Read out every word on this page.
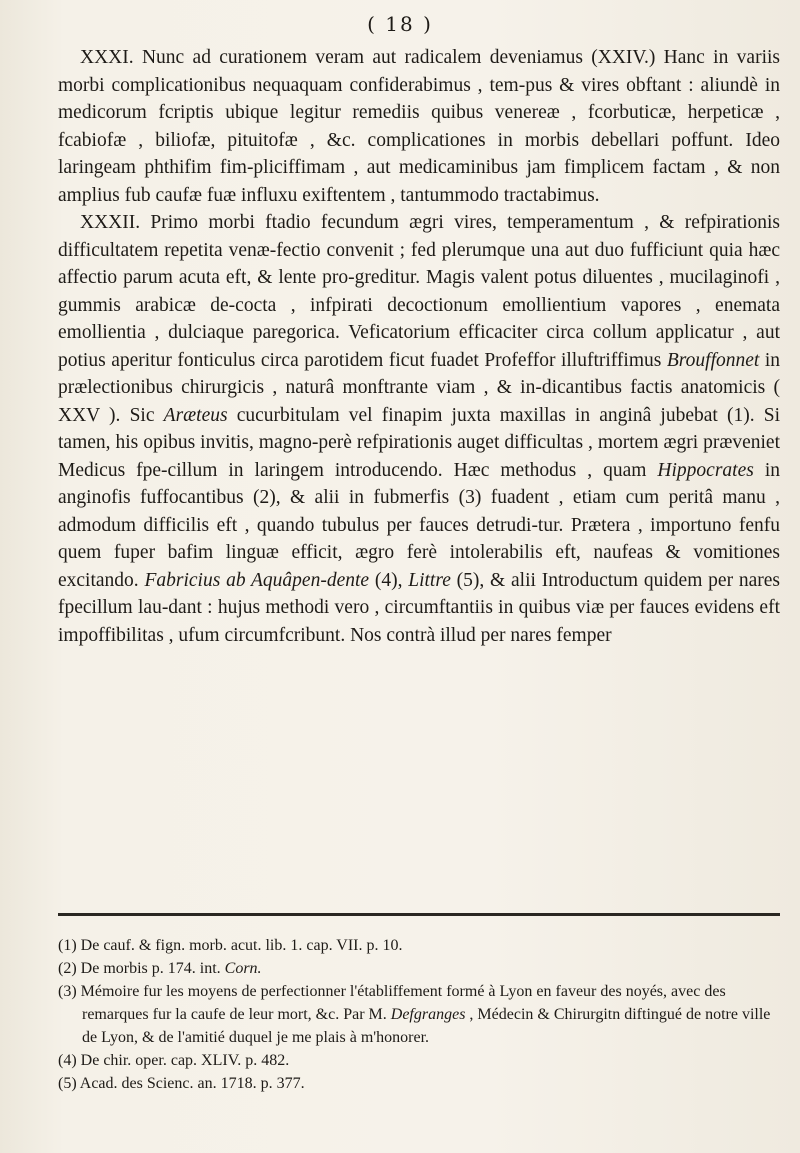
( 18 )

XXXI. Nunc ad curationem veram aut radicalem deveniamus (XXIV.) Hanc in variis morbi complicationibus nequaquam confiderabimus , tem-pus & vires obftant : aliundè in medicorum fcriptis ubique legitur remediis quibus venereæ , fcorbuticæ, herpeticæ , fcabiofæ , biliofæ, pituitofæ , &c. complicationes in morbis debellari poffunt. Ideo laringeam phthifim fim-pliciffimam , aut medicaminibus jam fimplicem factam , & non amplius fub caufæ fuæ influxu exiftentem , tantummodo tractabimus.

XXXII. Primo morbi ftadio fecundum ægri vires, temperamentum , & refpirationis difficultatem repetita venæ-fectio convenit ; fed plerumque una aut duo fufficiunt quia hæc affectio parum acuta eft, & lente pro-greditur. Magis valent potus diluentes , mucilaginofi , gummis arabicæ de-cocta , infpirati decoctionum emollientium vapores , enemata emollientia , dulciaque paregorica. Veficatorium efficaciter circa collum applicatur , aut potius aperitur fonticulus circa parotidem ficut fuadet Profeffor illuftriffimus Brouffonnet in prælectionibus chirurgicis , naturâ monftrante viam , & in-dicantibus factis anatomicis ( XXV ). Sic Aræteus cucurbitulam vel finapim juxta maxillas in anginâ jubebat (1). Si tamen, his opibus invitis, magno-perè refpirationis auget difficultas , mortem ægri præveniet Medicus fpe-cillum in laringem introducendo. Hæc methodus , quam Hippocrates in anginofis fuffocantibus (2), & alii in fubmerfis (3) fuadent , etiam cum peritâ manu , admodum difficilis eft , quando tubulus per fauces detrudi-tur. Prætera , importuno fenfu quem fuper bafim linguæ efficit, ægro ferè intolerabilis eft, naufeas & vomitiones excitando. Fabricius ab Aquâpen-dente (4), Littre (5), & alii Introductum quidem per nares fpecillum lau-dant : hujus methodi vero , circumftantiis in quibus viæ per fauces evidens eft impoffibilitas , ufum circumfcribunt. Nos contrà illud per nares femper

(1) De cauf. & fign. morb. acut. lib. 1. cap. VII. p. 10.

(2) De morbis p. 174. int. Corn.

(3) Mémoire fur les moyens de perfectionner l'établiffement formé à Lyon en faveur des noyés, avec des remarques fur la caufe de leur mort, &c. Par M. Defgranges , Médecin & Chirurgitn diftingué de notre ville de Lyon, & de l'amitié duquel je me plais à m'honorer.

(4) De chir. oper. cap. XLIV. p. 482.

(5) Acad. des Scienc. an. 1718. p. 377.
